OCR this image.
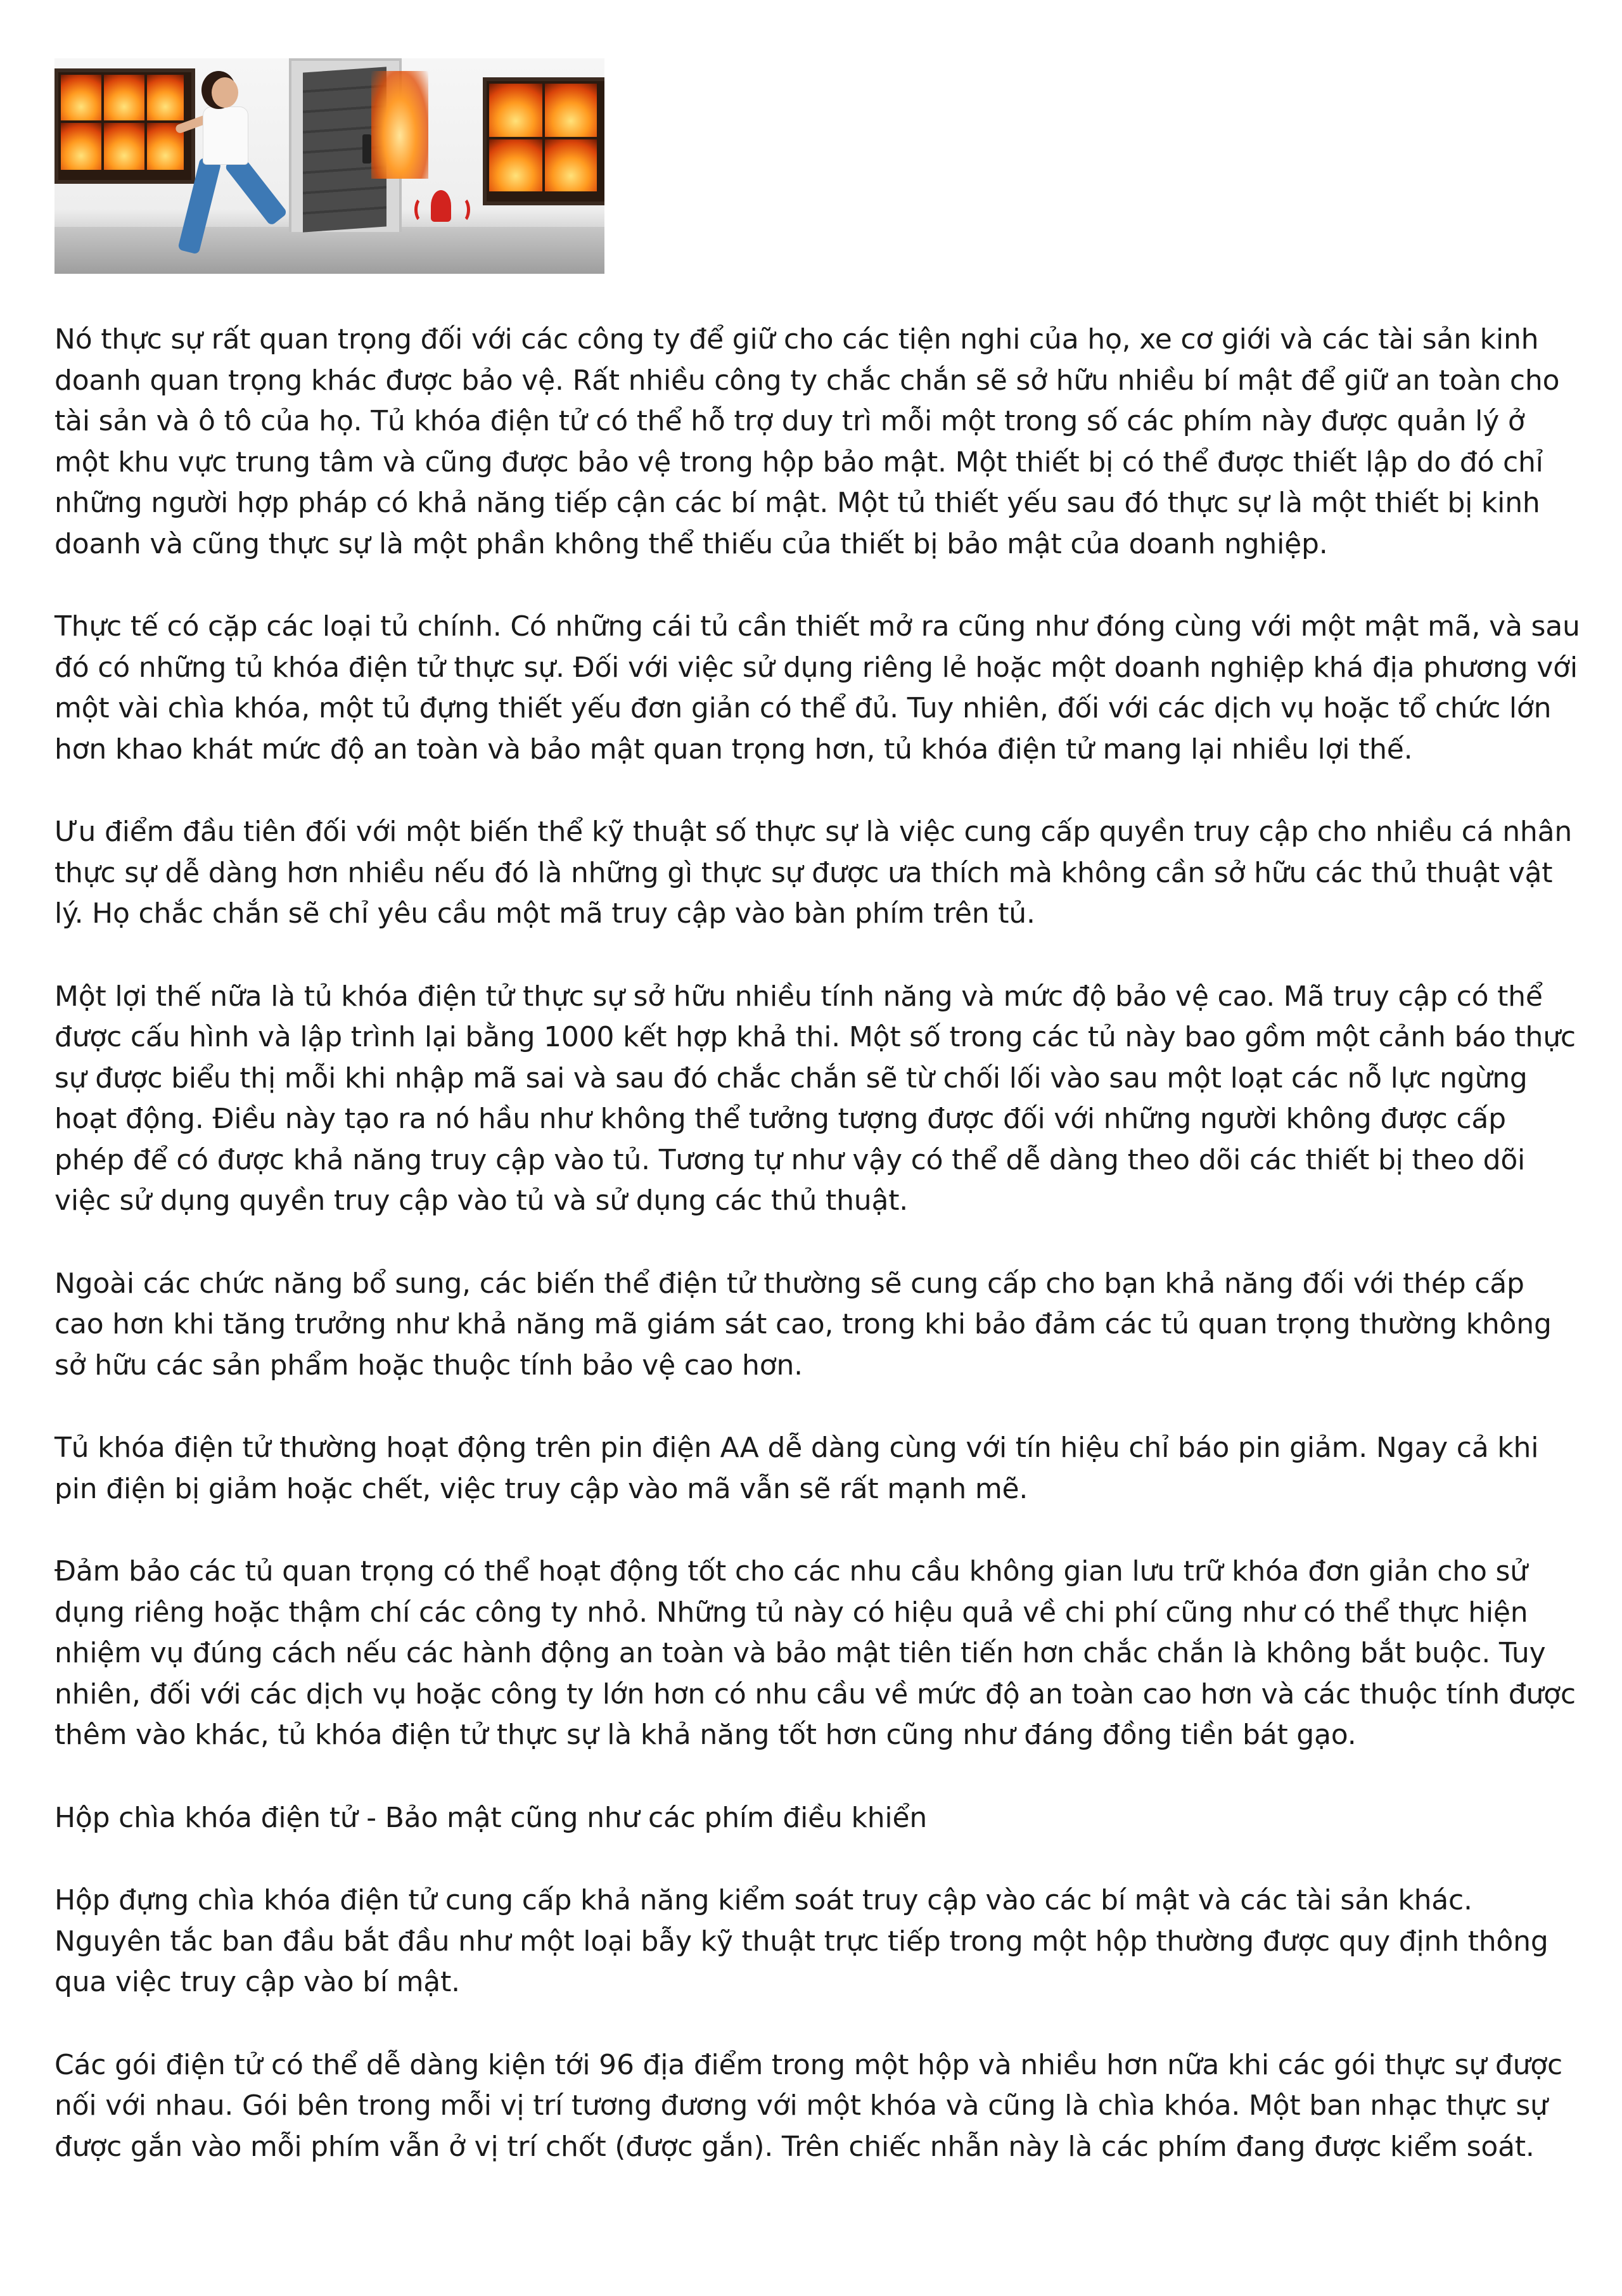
Nó thực sự rất quan trọng đối với các công ty để giữ cho các tiện nghi của họ, xe cơ giới và các tài sản kinh doanh quan trọng khác được bảo vệ. Rất nhiều công ty chắc chắn sẽ sở hữu nhiều bí mật để giữ an toàn cho tài sản và ô tô của họ. Tủ khóa điện tử có thể hỗ trợ duy trì mỗi một trong số các phím này được quản lý ở một khu vực trung tâm và cũng được bảo vệ trong hộp bảo mật. Một thiết bị có thể được thiết lập do đó chỉ những người hợp pháp có khả năng tiếp cận các bí mật. Một tủ thiết yếu sau đó thực sự là một thiết bị kinh doanh và cũng thực sự là một phần không thể thiếu của thiết bị bảo mật của doanh nghiệp.

Thực tế có cặp các loại tủ chính. Có những cái tủ cần thiết mở ra cũng như đóng cùng với một mật mã, và sau đó có những tủ khóa điện tử thực sự. Đối với việc sử dụng riêng lẻ hoặc một doanh nghiệp khá địa phương với một vài chìa khóa, một tủ đựng thiết yếu đơn giản có thể đủ. Tuy nhiên, đối với các dịch vụ hoặc tổ chức lớn hơn khao khát mức độ an toàn và bảo mật quan trọng hơn, tủ khóa điện tử mang lại nhiều lợi thế.

Ưu điểm đầu tiên đối với một biến thể kỹ thuật số thực sự là việc cung cấp quyền truy cập cho nhiều cá nhân thực sự dễ dàng hơn nhiều nếu đó là những gì thực sự được ưa thích mà không cần sở hữu các thủ thuật vật lý. Họ chắc chắn sẽ chỉ yêu cầu một mã truy cập vào bàn phím trên tủ.

Một lợi thế nữa là tủ khóa điện tử thực sự sở hữu nhiều tính năng và mức độ bảo vệ cao. Mã truy cập có thể được cấu hình và lập trình lại bằng 1000 kết hợp khả thi. Một số trong các tủ này bao gồm một cảnh báo thực sự được biểu thị mỗi khi nhập mã sai và sau đó chắc chắn sẽ từ chối lối vào sau một loạt các nỗ lực ngừng hoạt động. Điều này tạo ra nó hầu như không thể tưởng tượng được đối với những người không được cấp phép để có được khả năng truy cập vào tủ. Tương tự như vậy có thể dễ dàng theo dõi các thiết bị theo dõi việc sử dụng quyền truy cập vào tủ và sử dụng các thủ thuật.

Ngoài các chức năng bổ sung, các biến thể điện tử thường sẽ cung cấp cho bạn khả năng đối với thép cấp cao hơn khi tăng trưởng như khả năng mã giám sát cao, trong khi bảo đảm các tủ quan trọng thường không sở hữu các sản phẩm hoặc thuộc tính bảo vệ cao hơn.

Tủ khóa điện tử thường hoạt động trên pin điện AA dễ dàng cùng với tín hiệu chỉ báo pin giảm. Ngay cả khi pin điện bị giảm hoặc chết, việc truy cập vào mã vẫn sẽ rất mạnh mẽ.

Đảm bảo các tủ quan trọng có thể hoạt động tốt cho các nhu cầu không gian lưu trữ khóa đơn giản cho sử dụng riêng hoặc thậm chí các công ty nhỏ. Những tủ này có hiệu quả về chi phí cũng như có thể thực hiện nhiệm vụ đúng cách nếu các hành động an toàn và bảo mật tiên tiến hơn chắc chắn là không bắt buộc. Tuy nhiên, đối với các dịch vụ hoặc công ty lớn hơn có nhu cầu về mức độ an toàn cao hơn và các thuộc tính được thêm vào khác, tủ khóa điện tử thực sự là khả năng tốt hơn cũng như đáng đồng tiền bát gạo.

Hộp chìa khóa điện tử - Bảo mật cũng như các phím điều khiển

Hộp đựng chìa khóa điện tử cung cấp khả năng kiểm soát truy cập vào các bí mật và các tài sản khác. Nguyên tắc ban đầu bắt đầu như một loại bẫy kỹ thuật trực tiếp trong một hộp thường được quy định thông qua việc truy cập vào bí mật.

Các gói điện tử có thể dễ dàng kiện tới 96 địa điểm trong một hộp và nhiều hơn nữa khi các gói thực sự được nối với nhau. Gói bên trong mỗi vị trí tương đương với một khóa và cũng là chìa khóa. Một ban nhạc thực sự được gắn vào mỗi phím vẫn ở vị trí chốt (được gắn). Trên chiếc nhẫn này là các phím đang được kiểm soát.
